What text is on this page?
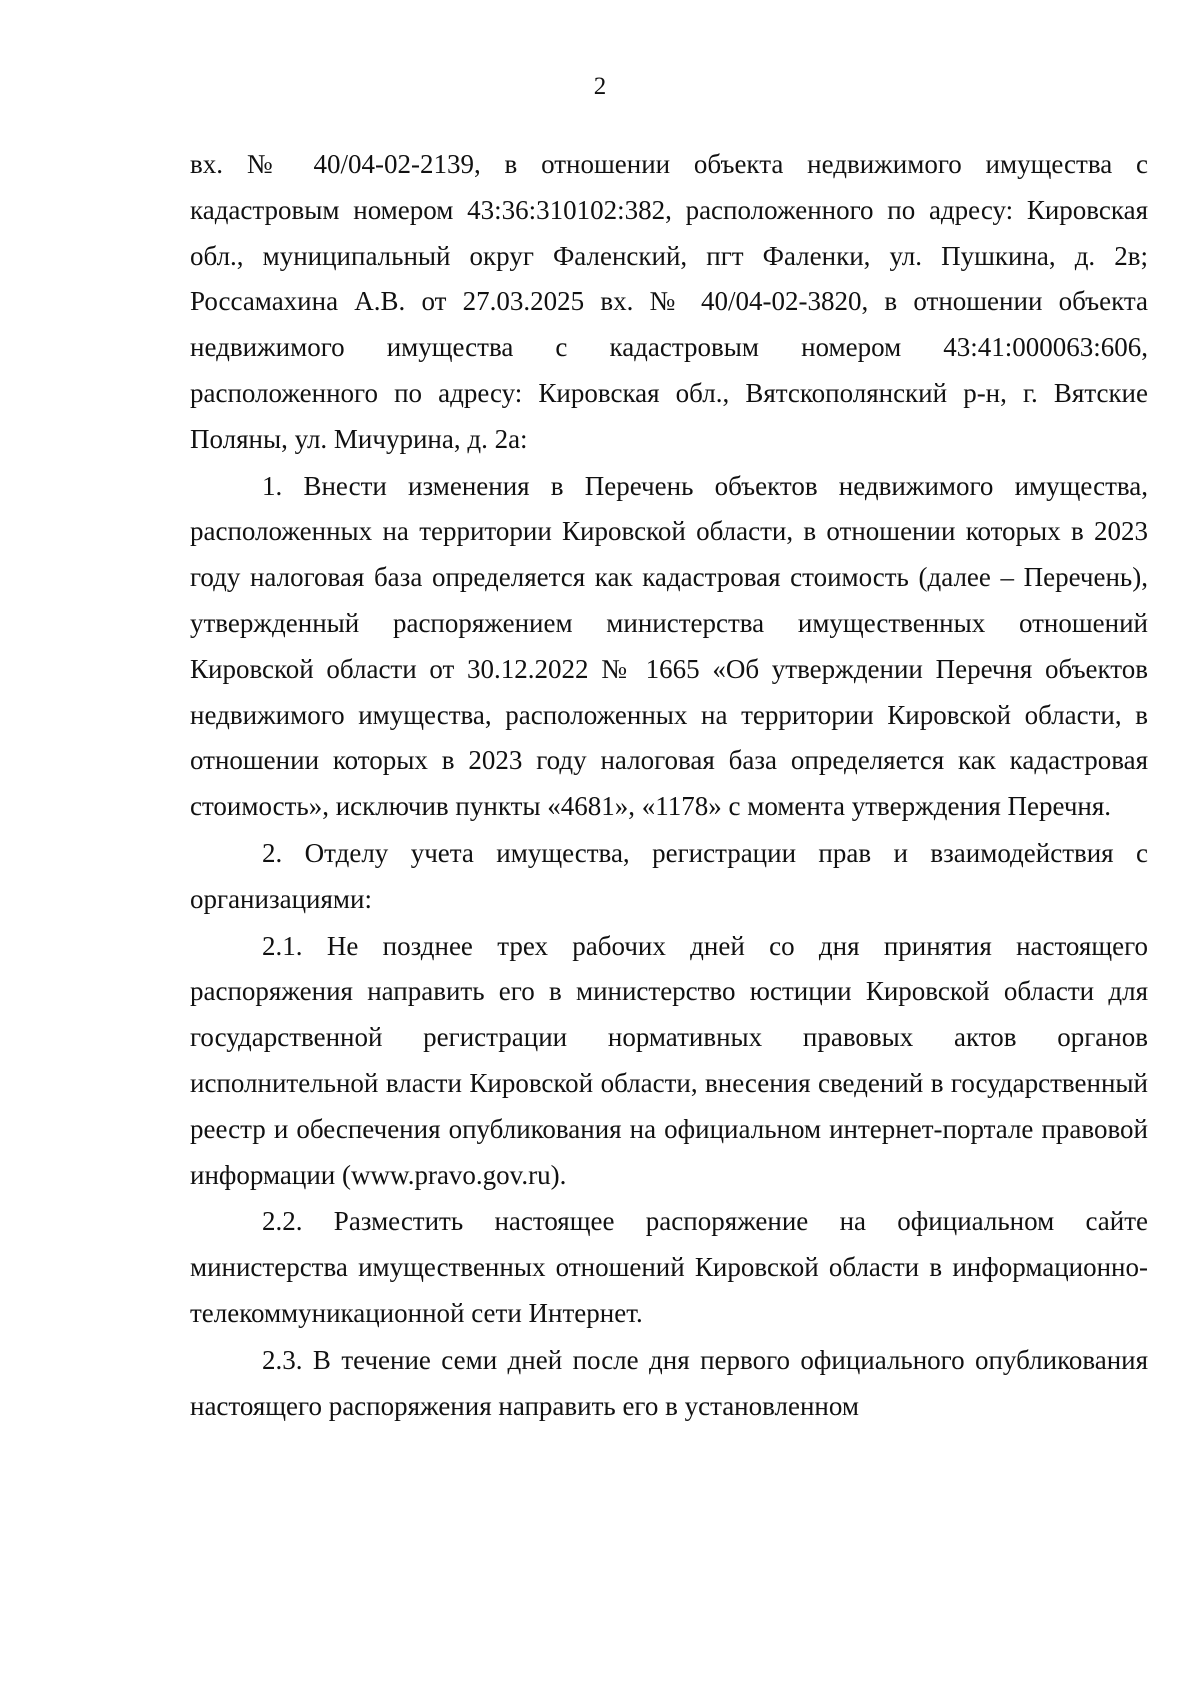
2

вх. № 40/04-02-2139, в отношении объекта недвижимого имущества с кадастровым номером 43:36:310102:382, расположенного по адресу: Кировская обл., муниципальный округ Фаленский, пгт Фаленки, ул. Пушкина, д. 2в; Россамахина А.В. от 27.03.2025 вх. № 40/04-02-3820, в отношении объекта недвижимого имущества с кадастровым номером 43:41:000063:606, расположенного по адресу: Кировская обл., Вятскополянский р-н, г. Вятские Поляны, ул. Мичурина, д. 2а:

1. Внести изменения в Перечень объектов недвижимого имущества, расположенных на территории Кировской области, в отношении которых в 2023 году налоговая база определяется как кадастровая стоимость (далее – Перечень), утвержденный распоряжением министерства имущественных отношений Кировской области от 30.12.2022 № 1665 «Об утверждении Перечня объектов недвижимого имущества, расположенных на территории Кировской области, в отношении которых в 2023 году налоговая база определяется как кадастровая стоимость», исключив пункты «4681», «1178» с момента утверждения Перечня.

2. Отделу учета имущества, регистрации прав и взаимодействия с организациями:

2.1. Не позднее трех рабочих дней со дня принятия настоящего распоряжения направить его в министерство юстиции Кировской области для государственной регистрации нормативных правовых актов органов исполнительной власти Кировской области, внесения сведений в государственный реестр и обеспечения опубликования на официальном интернет-портале правовой информации (www.pravo.gov.ru).

2.2. Разместить настоящее распоряжение на официальном сайте министерства имущественных отношений Кировской области в информационно-телекоммуникационной сети Интернет.

2.3. В течение семи дней после дня первого официального опубликования настоящего распоряжения направить его в установленном
